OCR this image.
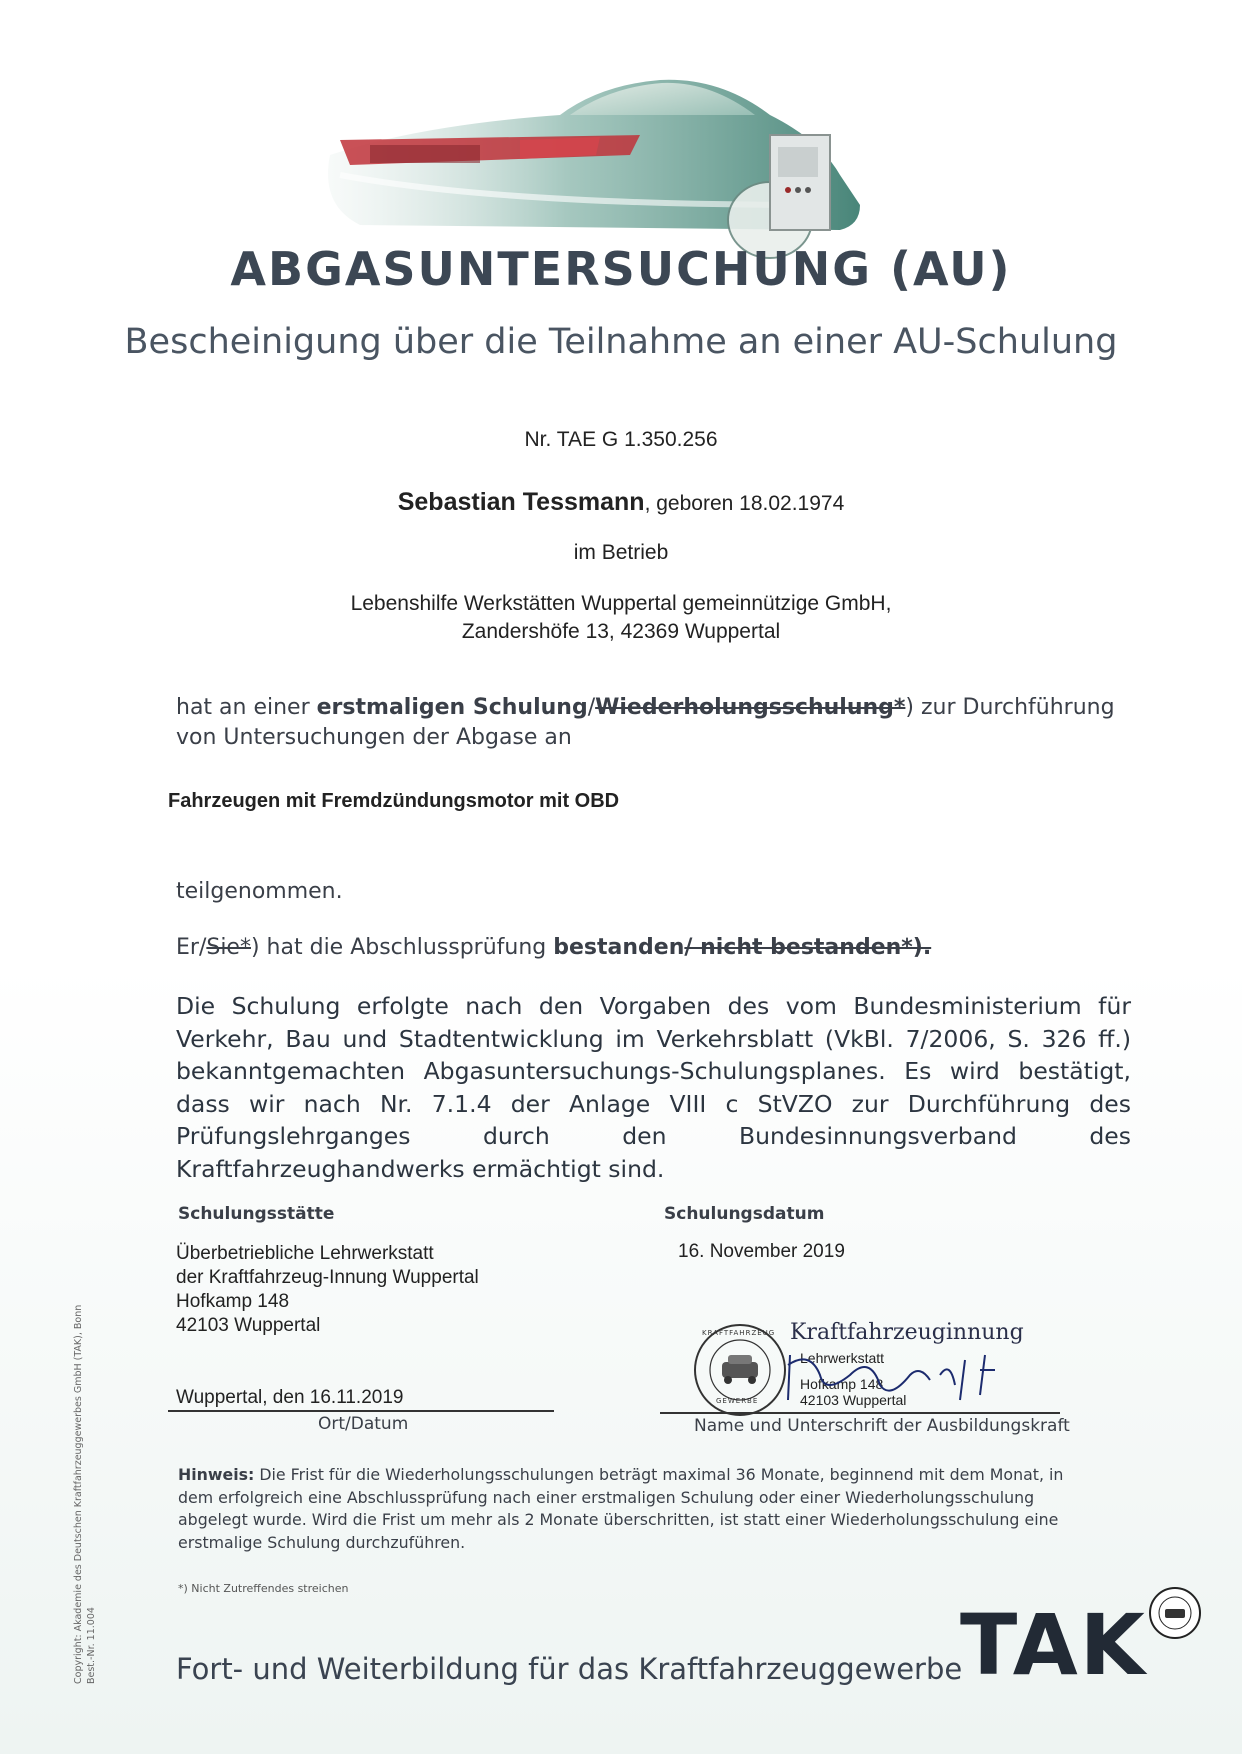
ABGASUNTERSUCHUNG (AU)
Bescheinigung über die Teilnahme an einer AU-Schulung
Nr. TAE G 1.350.256
Sebastian Tessmann, geboren 18.02.1974
im Betrieb
Lebenshilfe Werkstätten Wuppertal gemeinnützige GmbH,
Zandershöfe 13, 42369 Wuppertal
hat an einer erstmaligen Schulung/Wiederholungsschulung*) zur Durchführung
von Untersuchungen der Abgase an
Fahrzeugen mit Fremdzündungsmotor mit OBD
teilgenommen.
Er/Sie*) hat die Abschlussprüfung bestanden/ nicht bestanden*).
Die Schulung erfolgte nach den Vorgaben des vom Bundesministerium für Verkehr, Bau und Stadtentwicklung im Verkehrsblatt (VkBl. 7/2006, S. 326 ff.) bekanntgemachten Abgasuntersuchungs-Schulungsplanes. Es wird bestätigt, dass wir nach Nr. 7.1.4 der Anlage VIII c StVZO zur Durchführung des Prüfungslehrganges durch den Bundesinnungsverband des Kraftfahrzeughandwerks ermächtigt sind.
Schulungsstätte
Überbetriebliche Lehrwerkstatt
der Kraftfahrzeug-Innung Wuppertal
Hofkamp 148
42103 Wuppertal
Schulungsdatum
16. November 2019
Wuppertal, den 16.11.2019
Ort/Datum
KRAFTFAHRZEUG
GEWERBE
Kraftfahrzeuginnung
Lehrwerkstatt
Hofkamp 148
42103 Wuppertal
Name und Unterschrift der Ausbildungskraft
Hinweis: Die Frist für die Wiederholungsschulungen beträgt maximal 36 Monate, beginnend mit dem Monat, in dem erfolgreich eine Abschlussprüfung nach einer erstmaligen Schulung oder einer Wiederholungsschulung abgelegt wurde. Wird die Frist um mehr als 2 Monate überschritten, ist statt einer Wiederholungsschulung eine erstmalige Schulung durchzuführen.
*) Nicht Zutreffendes streichen
Fort- und Weiterbildung für das Kraftfahrzeuggewerbe
TAK
Copyright: Akademie des Deutschen Kraftfahrzeuggewerbes GmbH (TAK), Bonn Best.-Nr. 11.004
